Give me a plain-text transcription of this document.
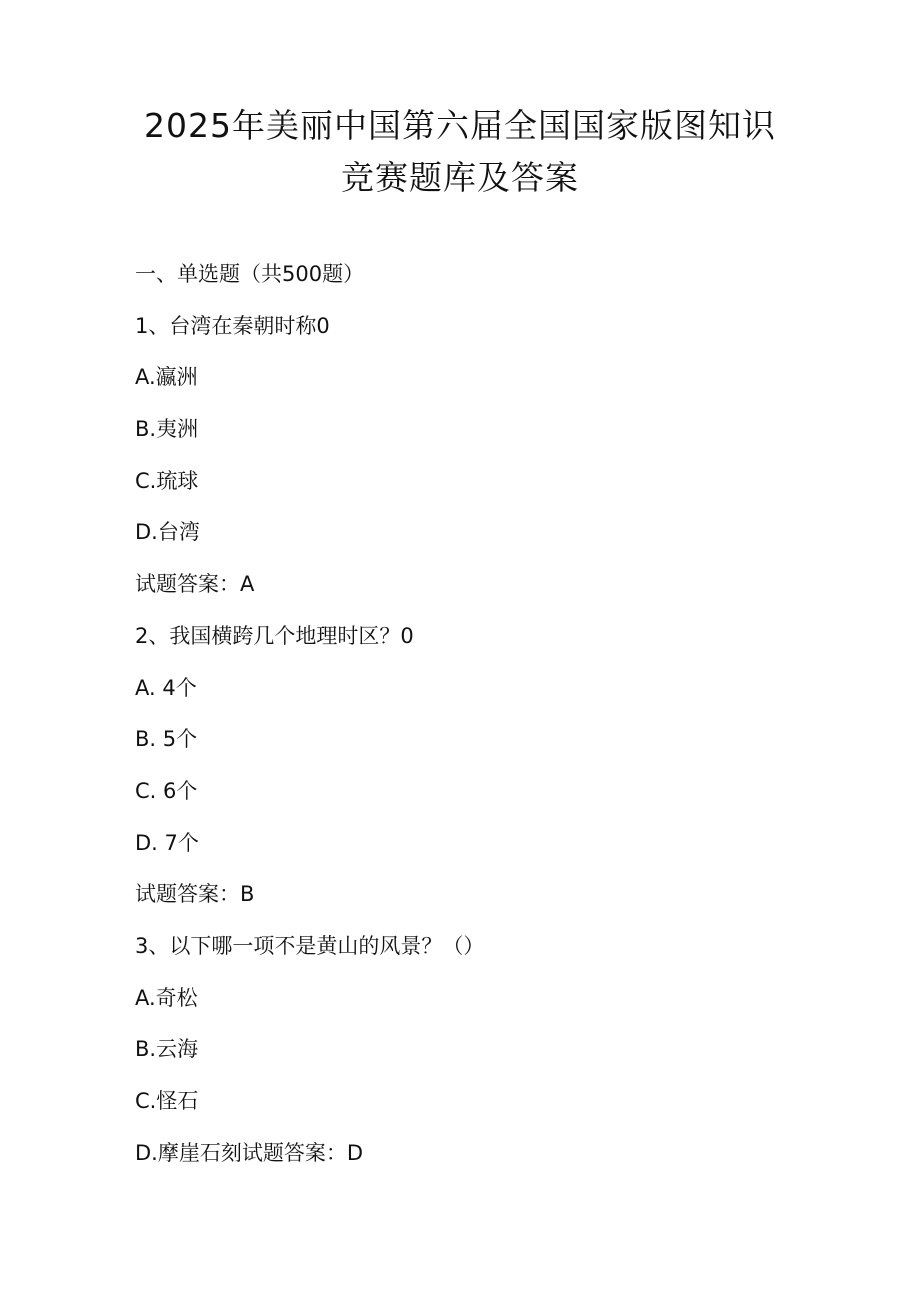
2025年美丽中国第六届全国国家版图知识
竞赛题库及答案
一、单选题（共500题）
1、台湾在秦朝时称0
A.瀛洲
B.夷洲
C.琉球
D.台湾
试题答案：A
2、我国横跨几个地理时区？0
A. 4个
B. 5个
C. 6个
D. 7个
试题答案：B
3、以下哪一项不是黄山的风景？（）
A.奇松
B.云海
C.怪石
D.摩崖石刻试题答案：D
